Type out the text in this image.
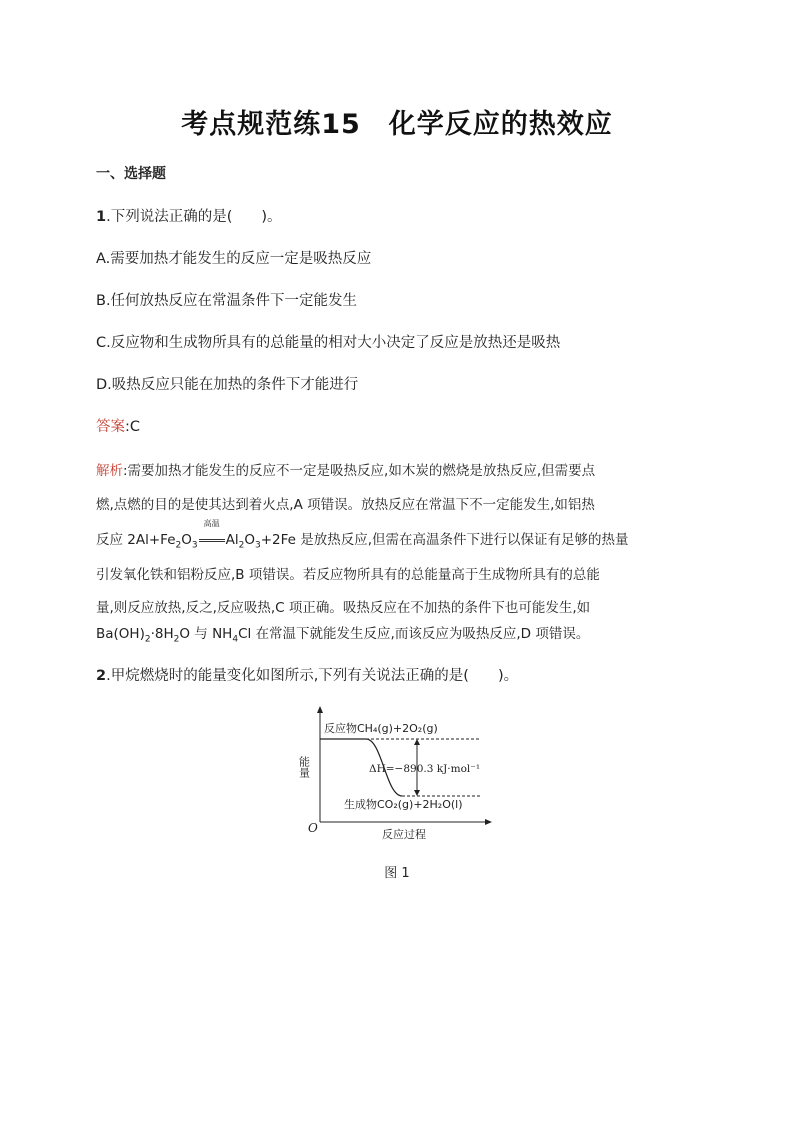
考点规范练15　化学反应的热效应
一、选择题
1.下列说法正确的是(　　)。
A.需要加热才能发生的反应一定是吸热反应
B.任何放热反应在常温条件下一定能发生
C.反应物和生成物所具有的总能量的相对大小决定了反应是放热还是吸热
D.吸热反应只能在加热的条件下才能进行
答案:C
解析:需要加热才能发生的反应不一定是吸热反应,如木炭的燃烧是放热反应,但需要点
燃,点燃的目的是使其达到着火点,A 项错误。放热反应在常温下不一定能发生,如铝热
反应 $2Al+Fe_2O_3$
高温
$Al_2O_3+2Fe$ 是放热反应,但需在高温条件下进行以保证有足够的热量
引发氧化铁和铝粉反应,B 项错误。若反应物所具有的总能量高于生成物所具有的总能
量,则反应放热,反之,反应吸热,C 项正确。吸热反应在不加热的条件下也可能发生,如
$Ba(OH)_2\cdot 8H_2O$ 与 $NH_4Cl$ 在常温下就能发生反应,而该反应为吸热反应,D 项错误。
2.甲烷燃烧时的能量变化如图所示,下列有关说法正确的是(　　)。
反应物CH₄(g)+2O₂(g)
生成物CO₂(g)+2H₂O(l)
ΔH=−890.3 kJ·mol⁻¹
能量
反应过程
O
图 1
